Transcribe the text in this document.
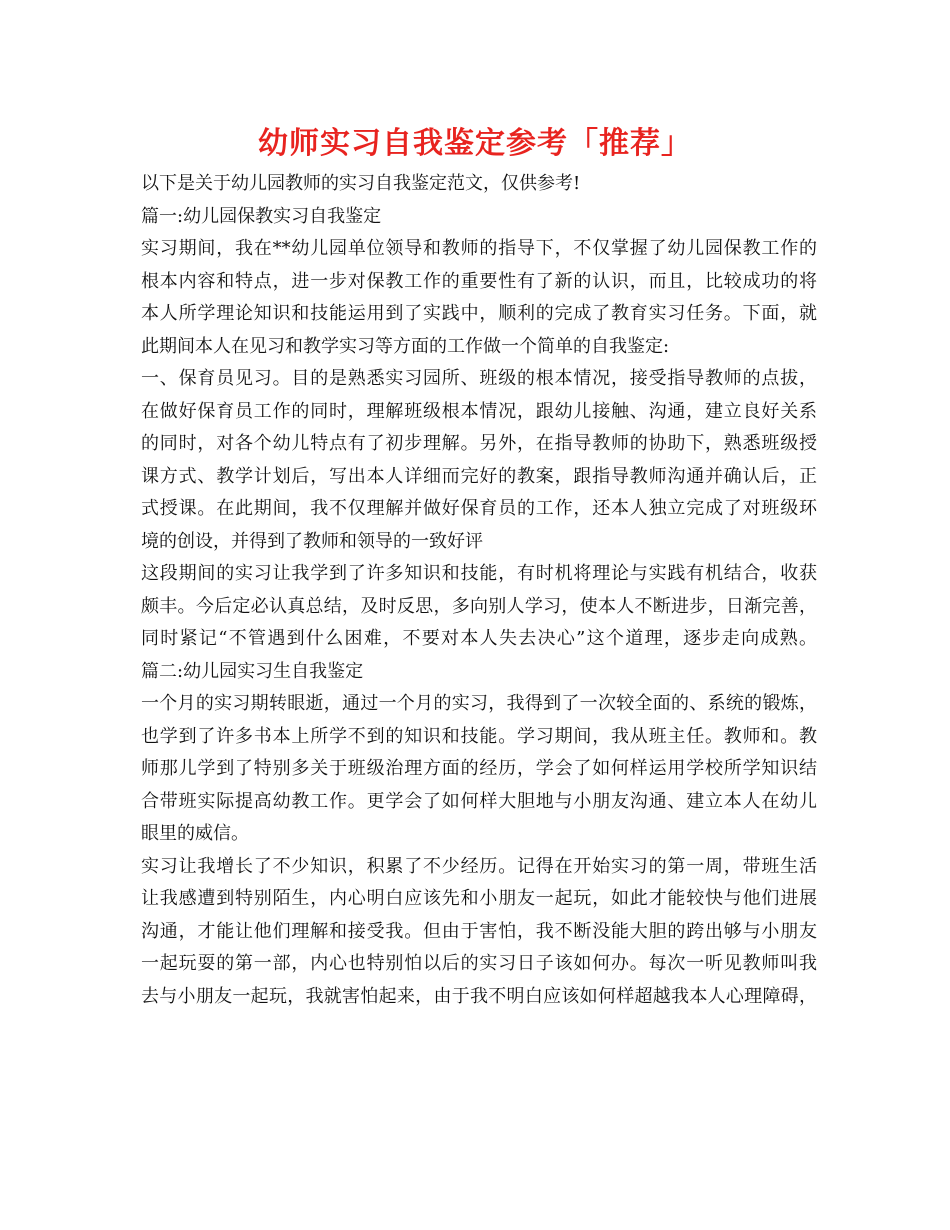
幼师实习自我鉴定参考「推荐」
以下是关于幼儿园教师的实习自我鉴定范文，仅供参考!
篇一:幼儿园保教实习自我鉴定
实习期间，我在**幼儿园单位领导和教师的指导下，不仅掌握了幼儿园保教工作的
根本内容和特点，进一步对保教工作的重要性有了新的认识，而且，比较成功的将
本人所学理论知识和技能运用到了实践中，顺利的完成了教育实习任务。下面，就
此期间本人在见习和教学实习等方面的工作做一个简单的自我鉴定:
一、保育员见习。目的是熟悉实习园所、班级的根本情况，接受指导教师的点拔，
在做好保育员工作的同时，理解班级根本情况，跟幼儿接触、沟通，建立良好关系
的同时，对各个幼儿特点有了初步理解。另外，在指导教师的协助下，熟悉班级授
课方式、教学计划后，写出本人详细而完好的教案，跟指导教师沟通并确认后，正
式授课。在此期间，我不仅理解并做好保育员的工作，还本人独立完成了对班级环
境的创设，并得到了教师和领导的一致好评
这段期间的实习让我学到了许多知识和技能，有时机将理论与实践有机结合，收获
颇丰。今后定必认真总结，及时反思，多向别人学习，使本人不断进步，日渐完善，
同时紧记“不管遇到什么困难，不要对本人失去决心”这个道理，逐步走向成熟。
篇二:幼儿园实习生自我鉴定
一个月的实习期转眼逝，通过一个月的实习，我得到了一次较全面的、系统的锻炼，
也学到了许多书本上所学不到的知识和技能。学习期间，我从班主任。教师和。教
师那儿学到了特别多关于班级治理方面的经历，学会了如何样运用学校所学知识结
合带班实际提高幼教工作。更学会了如何样大胆地与小朋友沟通、建立本人在幼儿
眼里的威信。
实习让我增长了不少知识，积累了不少经历。记得在开始实习的第一周，带班生活
让我感遭到特别陌生，内心明白应该先和小朋友一起玩，如此才能较快与他们进展
沟通，才能让他们理解和接受我。但由于害怕，我不断没能大胆的跨出够与小朋友
一起玩耍的第一部，内心也特别怕以后的实习日子该如何办。每次一听见教师叫我
去与小朋友一起玩，我就害怕起来，由于我不明白应该如何样超越我本人心理障碍，
